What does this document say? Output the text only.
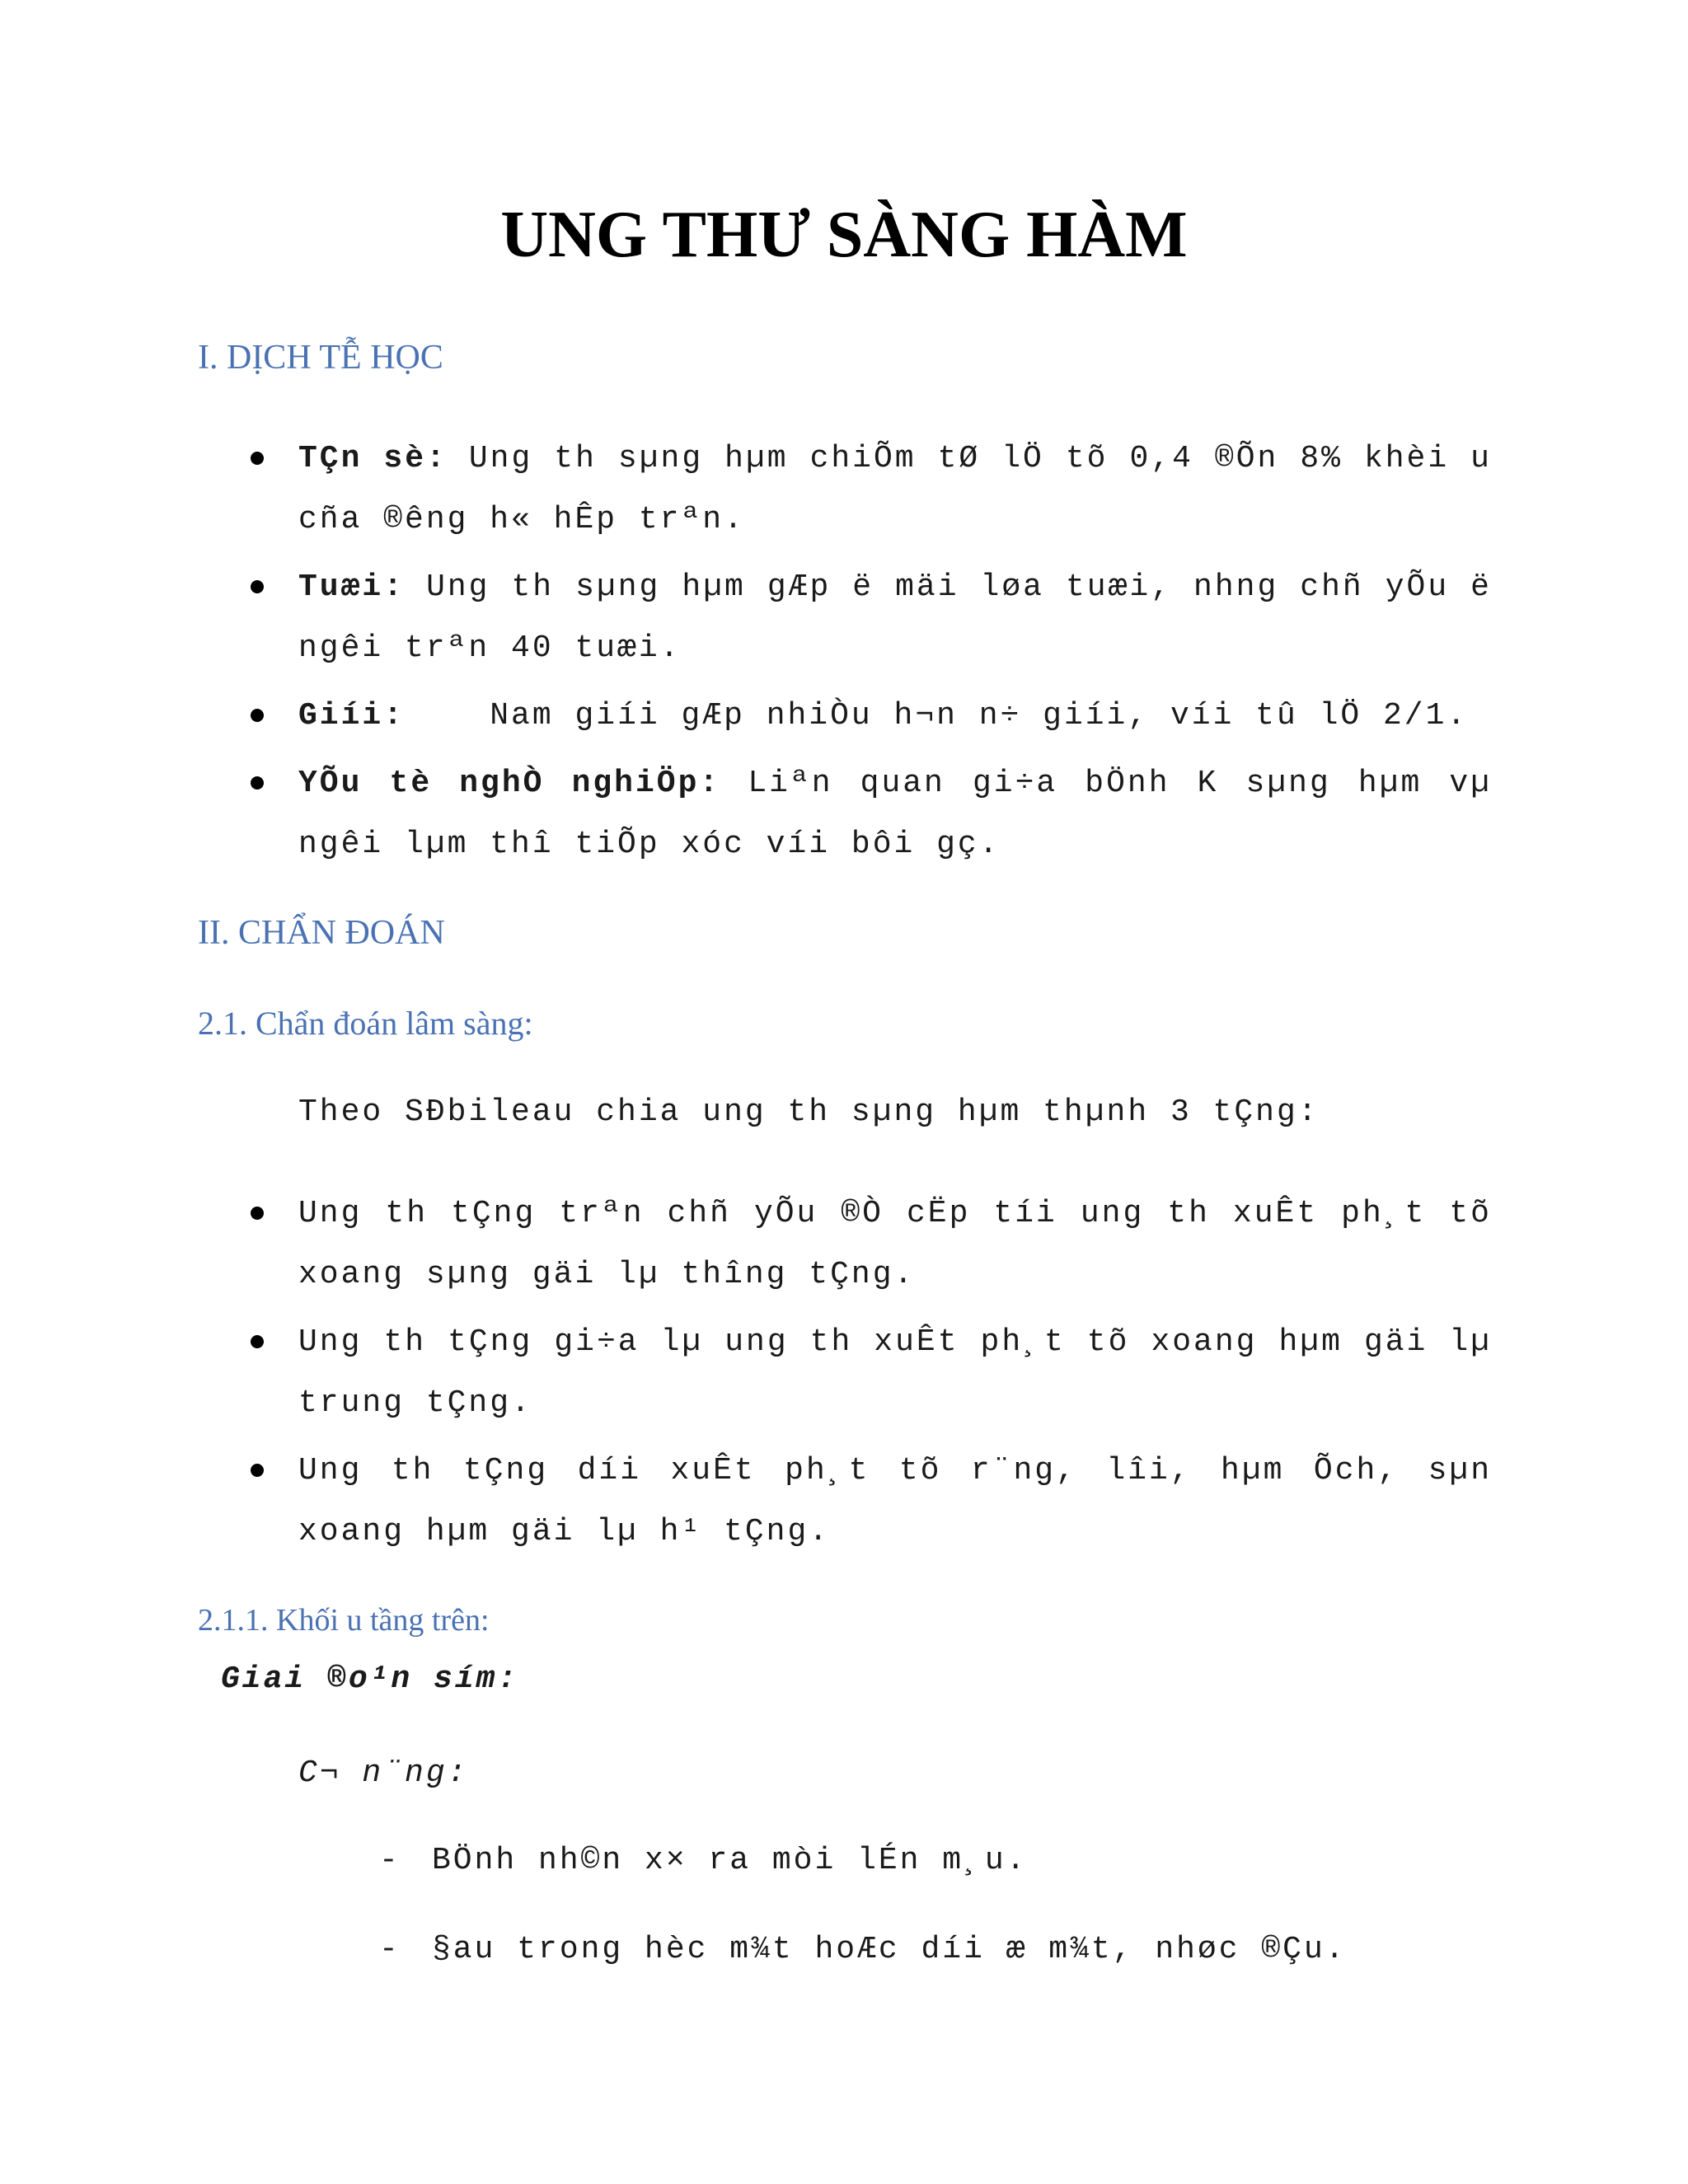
UNG THƯ SÀNG HÀM
I. DỊCH TỄ HỌC
TÇn sè: Ung th sµng hµm chiÕm tØ lÖ tõ 0,4 ®Õn 8% khèi u cña ®êng h« hÊp trªn.
Tuæi: Ung th sµng hµm gÆp ë mäi løa tuæi, nhng chñ yÕu ë ngêi trªn 40 tuæi.
Giíi:    Nam giíi gÆp nhiÒu h¬n n÷ giíi, víi tû lÖ 2/1.
YÕu tè nghÒ nghiÖp: Liªn quan gi÷a bÖnh K sµng hµm vµ ngêi lµm thî tiÕp xóc víi bôi gç.
II. CHẨN ĐOÁN
2.1. Chẩn đoán lâm sàng:

Theo SÐbileau chia ung th sµng hµm thµnh 3 tÇng:

Ung th tÇng trªn chñ yÕu ®Ò cËp tíi ung th xuÊt ph¸t tõ xoang sµng gäi lµ thîng tÇng.
Ung th tÇng gi÷a lµ ung th xuÊt ph¸t tõ xoang hµm gäi lµ trung tÇng.
Ung th tÇng díi xuÊt ph¸t tõ r¨ng, lîi, hµm Õch, sµn xoang hµm gäi lµ h¹ tÇng.
2.1.1. Khối u tầng trên:

Giai ®o¹n sím:

C¬ n¨ng:

- BÖnh nh©n x× ra mòi lÉn m¸u.

- §au trong hèc m¾t hoÆc díi æ m¾t, nhøc ®Çu.
